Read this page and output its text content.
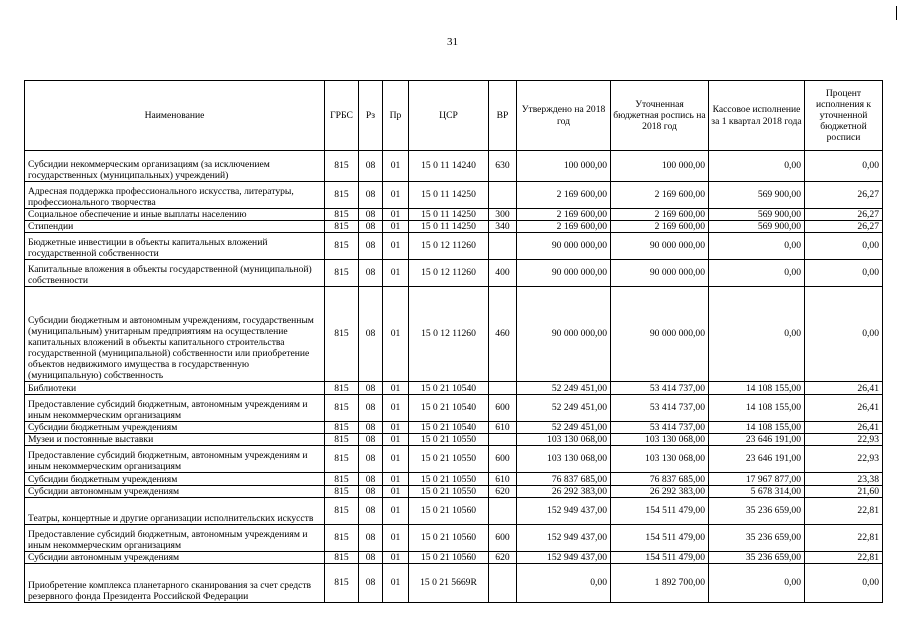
31
Наименование	ГРБС	Рз	Пр	ЦСР	ВР	Утверждено на 2018 год	Уточненная бюджетная роспись на 2018 год	Кассовое исполнение за 1 квартал 2018 года	Процент исполнения к уточненной бюджетной росписи
Субсидии некоммерческим организациям (за исключением государственных (муниципальных) учреждений)	815	08	01	15 0 11 14240	630	100 000,00	100 000,00	0,00	0,00
Адресная поддержка профессионального искусства, литературы, профессионального творчества	815	08	01	15 0 11 14250		2 169 600,00	2 169 600,00	569 900,00	26,27
Социальное обеспечение и иные выплаты населению	815	08	01	15 0 11 14250	300	2 169 600,00	2 169 600,00	569 900,00	26,27
Стипендии	815	08	01	15 0 11 14250	340	2 169 600,00	2 169 600,00	569 900,00	26,27
Бюджетные инвестиции в объекты капитальных вложений государственной собственности	815	08	01	15 0 12 11260		90 000 000,00	90 000 000,00	0,00	0,00
Капитальные вложения в объекты государственной (муниципальной) собственности	815	08	01	15 0 12 11260	400	90 000 000,00	90 000 000,00	0,00	0,00
Субсидии бюджетным и автономным учреждениям, государственным (муниципальным) унитарным предприятиям на осуществление капитальных вложений в объекты капитального строительства государственной (муниципальной) собственности или приобретение объектов недвижимого имущества в государственную (муниципальную) собственность	815	08	01	15 0 12 11260	460	90 000 000,00	90 000 000,00	0,00	0,00
Библиотеки	815	08	01	15 0 21 10540		52 249 451,00	53 414 737,00	14 108 155,00	26,41
Предоставление субсидий бюджетным, автономным учреждениям и иным некоммерческим организациям	815	08	01	15 0 21 10540	600	52 249 451,00	53 414 737,00	14 108 155,00	26,41
Субсидии бюджетным учреждениям	815	08	01	15 0 21 10540	610	52 249 451,00	53 414 737,00	14 108 155,00	26,41
Музеи и постоянные выставки	815	08	01	15 0 21 10550		103 130 068,00	103 130 068,00	23 646 191,00	22,93
Предоставление субсидий бюджетным, автономным учреждениям и иным некоммерческим организациям	815	08	01	15 0 21 10550	600	103 130 068,00	103 130 068,00	23 646 191,00	22,93
Субсидии бюджетным учреждениям	815	08	01	15 0 21 10550	610	76 837 685,00	76 837 685,00	17 967 877,00	23,38
Субсидии автономным учреждениям	815	08	01	15 0 21 10550	620	26 292 383,00	26 292 383,00	5 678 314,00	21,60
Театры, концертные и другие организации исполнительских искусств	815	08	01	15 0 21 10560		152 949 437,00	154 511 479,00	35 236 659,00	22,81
Предоставление субсидий бюджетным, автономным учреждениям и иным некоммерческим организациям	815	08	01	15 0 21 10560	600	152 949 437,00	154 511 479,00	35 236 659,00	22,81
Субсидии автономным учреждениям	815	08	01	15 0 21 10560	620	152 949 437,00	154 511 479,00	35 236 659,00	22,81
Приобретение комплекса планетарного сканирования за счет средств резервного фонда Президента Российской Федерации	815	08	01	15 0 21 5669R		0,00	1 892 700,00	0,00	0,00
